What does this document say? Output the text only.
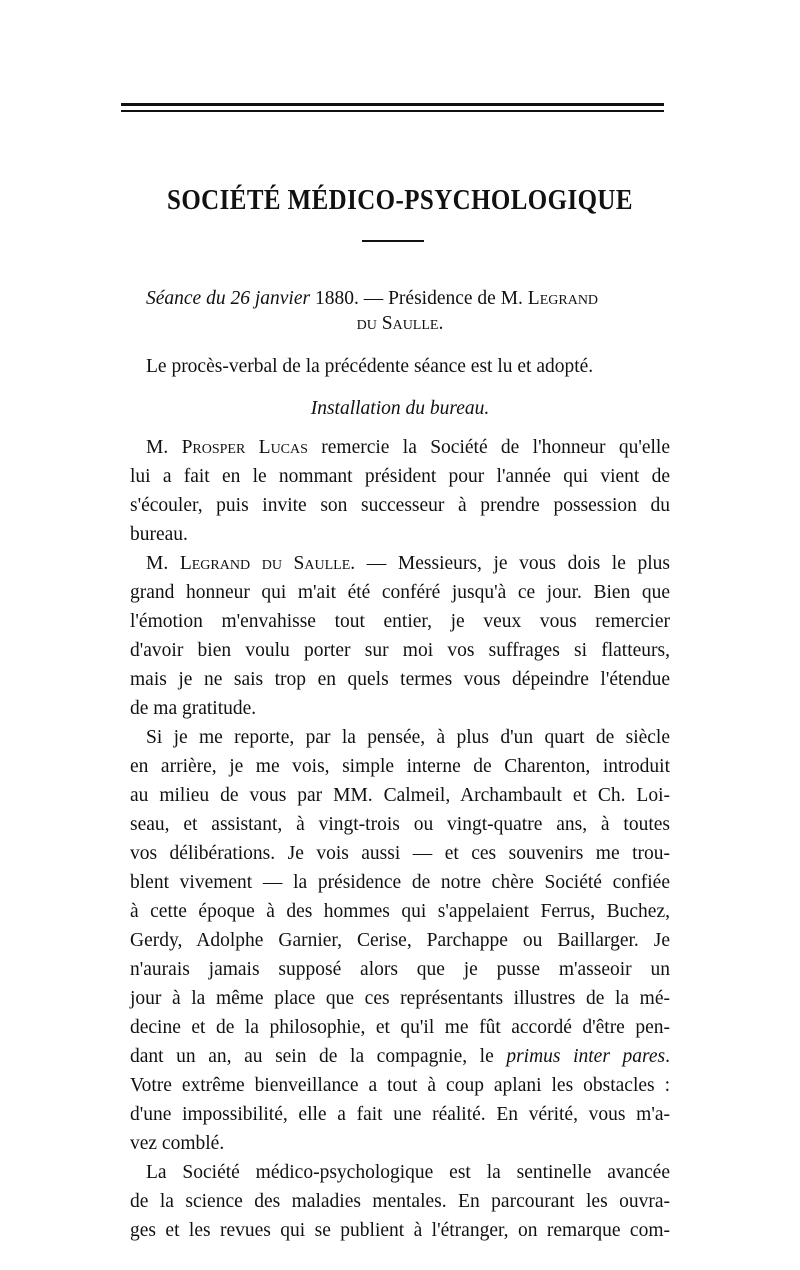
SOCIÉTÉ MÉDICO-PSYCHOLOGIQUE
Séance du 26 janvier 1880. — Présidence de M. Legrand
du Saulle.
Le procès-verbal de la précédente séance est lu et adopté.
Installation du bureau.
M. Prosper Lucas remercie la Société de l'honneur qu'elle
lui a fait en le nommant président pour l'année qui vient de
s'écouler, puis invite son successeur à prendre possession du
bureau.
M. Legrand du Saulle. — Messieurs, je vous dois le plus
grand honneur qui m'ait été conféré jusqu'à ce jour. Bien que
l'émotion m'envahisse tout entier, je veux vous remercier
d'avoir bien voulu porter sur moi vos suffrages si flatteurs,
mais je ne sais trop en quels termes vous dépeindre l'étendue
de ma gratitude.
Si je me reporte, par la pensée, à plus d'un quart de siècle
en arrière, je me vois, simple interne de Charenton, introduit
au milieu de vous par MM. Calmeil, Archambault et Ch. Loi-
seau, et assistant, à vingt-trois ou vingt-quatre ans, à toutes
vos délibérations. Je vois aussi — et ces souvenirs me trou-
blent vivement — la présidence de notre chère Société confiée
à cette époque à des hommes qui s'appelaient Ferrus, Buchez,
Gerdy, Adolphe Garnier, Cerise, Parchappe ou Baillarger. Je
n'aurais jamais supposé alors que je pusse m'asseoir un
jour à la même place que ces représentants illustres de la mé-
decine et de la philosophie, et qu'il me fût accordé d'être pen-
dant un an, au sein de la compagnie, le primus inter pares.
Votre extrême bienveillance a tout à coup aplani les obstacles :
d'une impossibilité, elle a fait une réalité. En vérité, vous m'a-
vez comblé.
La Société médico-psychologique est la sentinelle avancée
de la science des maladies mentales. En parcourant les ouvra-
ges et les revues qui se publient à l'étranger, on remarque com-
